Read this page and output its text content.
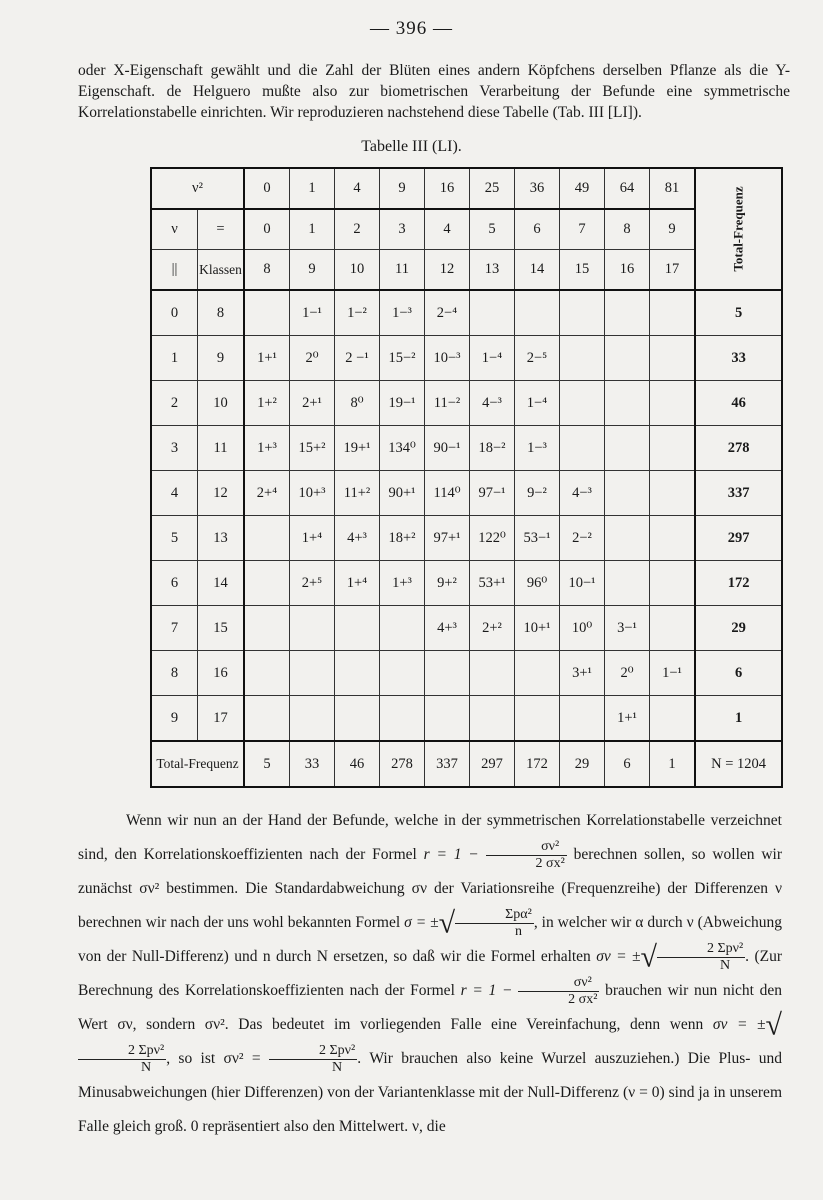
— 396 —

oder X-Eigenschaft gewählt und die Zahl der Blüten eines andern Köpfchens derselben Pflanze als die Y-Eigenschaft. de Helguero mußte also zur biometrischen Verarbeitung der Befunde eine symmetrische Korrelationstabelle einrichten. Wir reproduzieren nachstehend diese Tabelle (Tab. III [LI]).

Tabelle III (LI).
ν²		0	1	4	9	16	25	36	49	64	81	Total-Frequenz
ν	=	0	1	2	3	4	5	6	7	8	9	
||	Klassen	8	9	10	11	12	13	14	15	16	17	
0	8		1−¹	1−²	1−³	2−⁴						5
1	9	1+¹	2⁰	2 −¹	15−²	10−³	1−⁴	2−⁵				33
2	10	1+²	2+¹	8⁰	19−¹	11−²	4−³	1−⁴				46
3	11	1+³	15+²	19+¹	134⁰	90−¹	18−²	1−³				278
4	12	2+⁴	10+³	11+²	90+¹	114⁰	97−¹	9−²	4−³			337
5	13		1+⁴	4+³	18+²	97+¹	122⁰	53−¹	2−²			297
6	14		2+⁵	1+⁴	1+³	9+²	53+¹	96⁰	10−¹			172
7	15					4+³	2+²	10+¹	10⁰	3−¹		29
8	16								3+¹	2⁰	1−¹	6
9	17									1+¹		1
Total-Frequenz		5	33	46	278	337	297	172	29	6	1	N = 1204

Wenn wir nun an der Hand der Befunde, welche in der symmetrischen Korrelationstabelle verzeichnet sind, den Korrelationskoeffizienten nach der Formel $r = 1 - \frac{\text{σν²}}{\text{2 σx²}}$ berechnen sollen, so wollen wir zunächst σν² bestimmen. Die Standardabweichung σν der Variationsreihe (Frequenzreihe) der Differenzen ν berechnen wir nach der uns wohl bekannten Formel σ = ±√ $\frac{\text{Σpα²}}{n}$ , in welcher wir α durch ν (Abweichung von der Null-Differenz) und n durch N ersetzen, so daß wir die Formel erhalten σν = ±√ $\frac{\text{2 Σpν²}}{N}$ . (Zur Berechnung des Korrelationskoeffizienten nach der Formel $r = 1 - \frac{\text{σν²}}{\text{2 σx²}}$ brauchen wir nun nicht den Wert σν, sondern σν². Das bedeutet im vorliegenden Falle eine Vereinfachung, denn wenn σν = ±√
$\frac{\text{2 Σpν²}}{N}$ , so ist $\sigma\nu^2 = \frac{\text{2 Σpν²}}{N}$ . Wir brauchen also keine Wurzel auszuziehen.) Die Plus- und Minusabweichungen (hier Differenzen) von der Variantenklasse mit der Null-Differenz (ν = 0) sind ja in unserem Falle gleich groß. 0 repräsentiert also den Mittelwert. ν, die
